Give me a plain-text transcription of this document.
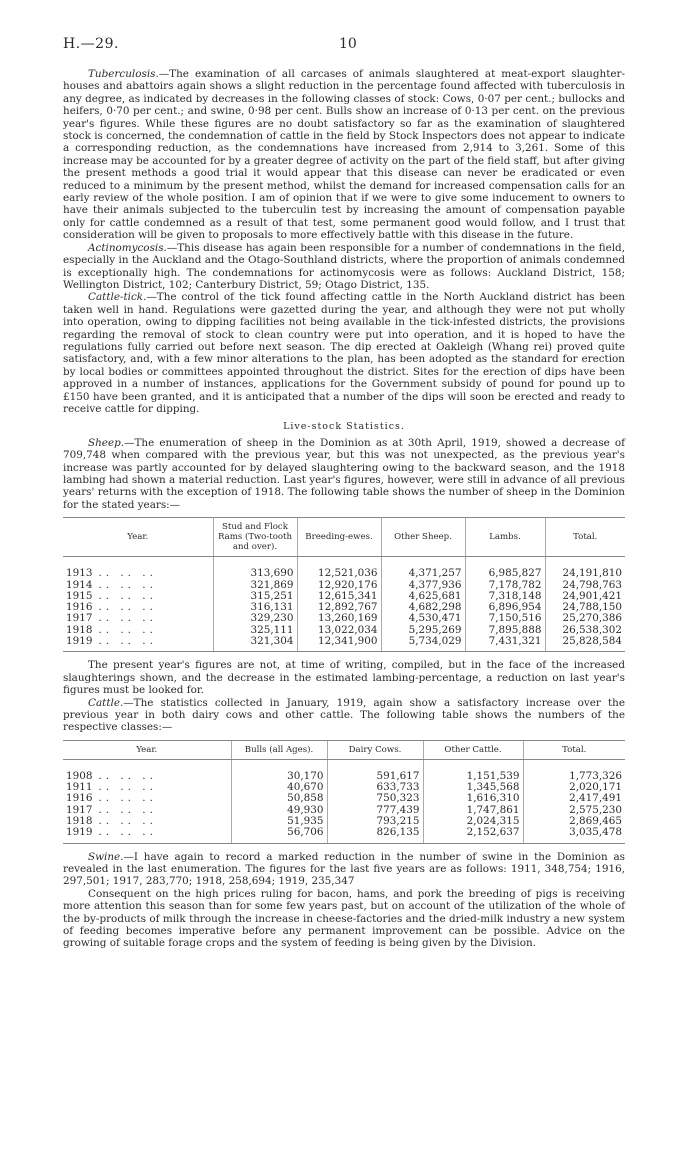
H.—29.	10

Tuberculosis.—The examination of all carcases of animals slaughtered at meat-export slaughter-houses and abattoirs again shows a slight reduction in the percentage found affected with tuberculosis in any degree, as indicated by decreases in the following classes of stock: Cows, 0·07 per cent.; bullocks and heifers, 0·70 per cent.; and swine, 0·98 per cent. Bulls show an increase of 0·13 per cent. on the previous year's figures. While these figures are no doubt satisfactory so far as the examination of slaughtered stock is concerned, the condemnation of cattle in the field by Stock Inspectors does not appear to indicate a corresponding reduction, as the condemnations have increased from 2,914 to 3,261. Some of this increase may be accounted for by a greater degree of activity on the part of the field staff, but after giving the present methods a good trial it would appear that this disease can never be eradicated or even reduced to a minimum by the present method, whilst the demand for increased compensation calls for an early review of the whole position. I am of opinion that if we were to give some inducement to owners to have their animals subjected to the tuberculin test by increasing the amount of compensation payable only for cattle condemned as a result of that test, some permanent good would follow, and I trust that consideration will be given to proposals to more effectively battle with this disease in the future.

Actinomycosis.—This disease has again been responsible for a number of condemnations in the field, especially in the Auckland and the Otago-Southland districts, where the proportion of animals condemned is exceptionally high. The condemnations for actinomycosis were as follows: Auckland District, 158; Wellington District, 102; Canterbury District, 59; Otago District, 135.

Cattle-tick.—The control of the tick found affecting cattle in the North Auckland district has been taken well in hand. Regulations were gazetted during the year, and although they were not put wholly into operation, owing to dipping facilities not being available in the tick-infested districts, the provisions regarding the removal of stock to clean country were put into operation, and it is hoped to have the regulations fully carried out before next season. The dip erected at Oakleigh (Whang rei) proved quite satisfactory, and, with a few minor alterations to the plan, has been adopted as the standard for erection by local bodies or committees appointed throughout the district. Sites for the erection of dips have been approved in a number of instances, applications for the Government subsidy of pound for pound up to £150 have been granted, and it is anticipated that a number of the dips will soon be erected and ready to receive cattle for dipping.

Live-stock Statistics.

Sheep.—The enumeration of sheep in the Dominion as at 30th April, 1919, showed a decrease of 709,748 when compared with the previous year, but this was not unexpected, as the previous year's increase was partly accounted for by delayed slaughtering owing to the backward season, and the 1918 lambing had shown a material reduction. Last year's figures, however, were still in advance of all previous years' returns with the exception of 1918. The following table shows the number of sheep in the Dominion for the stated years:—

Year.	Stud and Flock Rams (Two-tooth and over).	Breeding-ewes.	Other Sheep.	Lambs.	Total.

1913 .. .. ..	313,690	12,521,036	4,371,257	6,985,827	24,191,810
1914 .. .. ..	321,869	12,920,176	4,377,936	7,178,782	24,798,763
1915 .. .. ..	315,251	12,615,341	4,625,681	7,318,148	24,901,421
1916 .. .. ..	316,131	12,892,767	4,682,298	6,896,954	24,788,150
1917 .. .. ..	329,230	13,260,169	4,530,471	7,150,516	25,270,386
1918 .. .. ..	325,111	13,022,034	5,295,269	7,895,888	26,538,302
1919 .. .. ..	321,304	12,341,900	5,734,029	7,431,321	25,828,584

The present year's figures are not, at time of writing, compiled, but in the face of the increased slaughterings shown, and the decrease in the estimated lambing-percentage, a reduction on last year's figures must be looked for.

Cattle.—The statistics collected in January, 1919, again show a satisfactory increase over the previous year in both dairy cows and other cattle. The following table shows the numbers of the respective classes:—

Year.	Bulls (all Ages).	Dairy Cows.	Other Cattle.	Total.

1908 .. .. ..	30,170	591,617	1,151,539	1,773,326
1911 .. .. ..	40,670	633,733	1,345,568	2,020,171
1916 .. .. ..	50,858	750,323	1,616,310	2,417,491
1917 .. .. ..	49,930	777,439	1,747,861	2,575,230
1918 .. .. ..	51,935	793,215	2,024,315	2,869,465
1919 .. .. ..	56,706	826,135	2,152,637	3,035,478

Swine.—I have again to record a marked reduction in the number of swine in the Dominion as revealed in the last enumeration. The figures for the last five years are as follows: 1911, 348,754; 1916, 297,501; 1917, 283,770; 1918, 258,694; 1919, 235,347

Consequent on the high prices ruling for bacon, hams, and pork the breeding of pigs is receiving more attention this season than for some few years past, but on account of the utilization of the whole of the by-products of milk through the increase in cheese-factories and the dried-milk industry a new system of feeding becomes imperative before any permanent improvement can be possible. Advice on the growing of suitable forage crops and the system of feeding is being given by the Division.
